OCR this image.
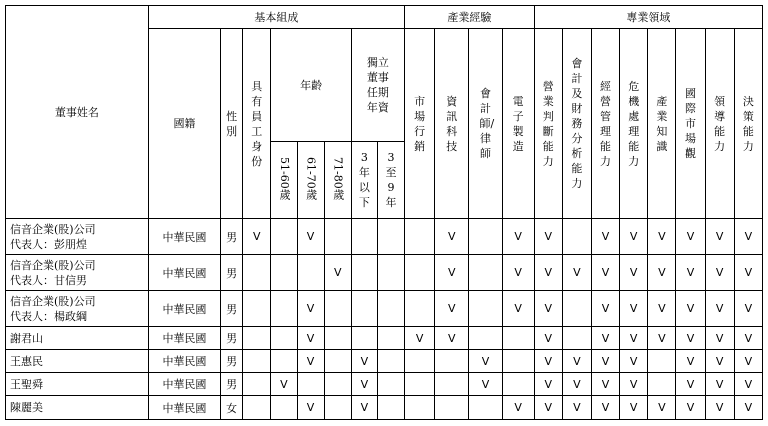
董事姓名	基本組成								產業經驗				專業領域							
	國籍	性別	具有員工身份	年齡			獨立董事任期年資		市場行銷	資訊科技	會計師/律師	電子製造	營業判斷能力	會計及財務分析能力	經營管理能力	危機處理能力	產業知識	國際市場觀	領導能力	決策能力
				51-60歲	61-70歲	71-80歲	3年以下	3至9年												

信音企業(股)公司
代表人：彭朋煌	中華民國	男	V		V					V		V	V		V	V	V	V	V	V

信音企業(股)公司
代表人：甘信男	中華民國	男				V				V		V	V	V	V	V	V	V	V	V

信音企業(股)公司
代表人：楊政綱	中華民國	男			V					V		V	V		V	V	V	V	V	V

謝君山	中華民國	男			V				V	V			V		V	V	V	V	V	V

王惠民	中華民國	男			V		V				V		V	V	V	V		V	V	V

王聖舜	中華民國	男		V			V				V		V	V	V	V		V	V	V

陳麗美	中華民國	女			V		V					V	V	V	V	V	V	V	V	V
